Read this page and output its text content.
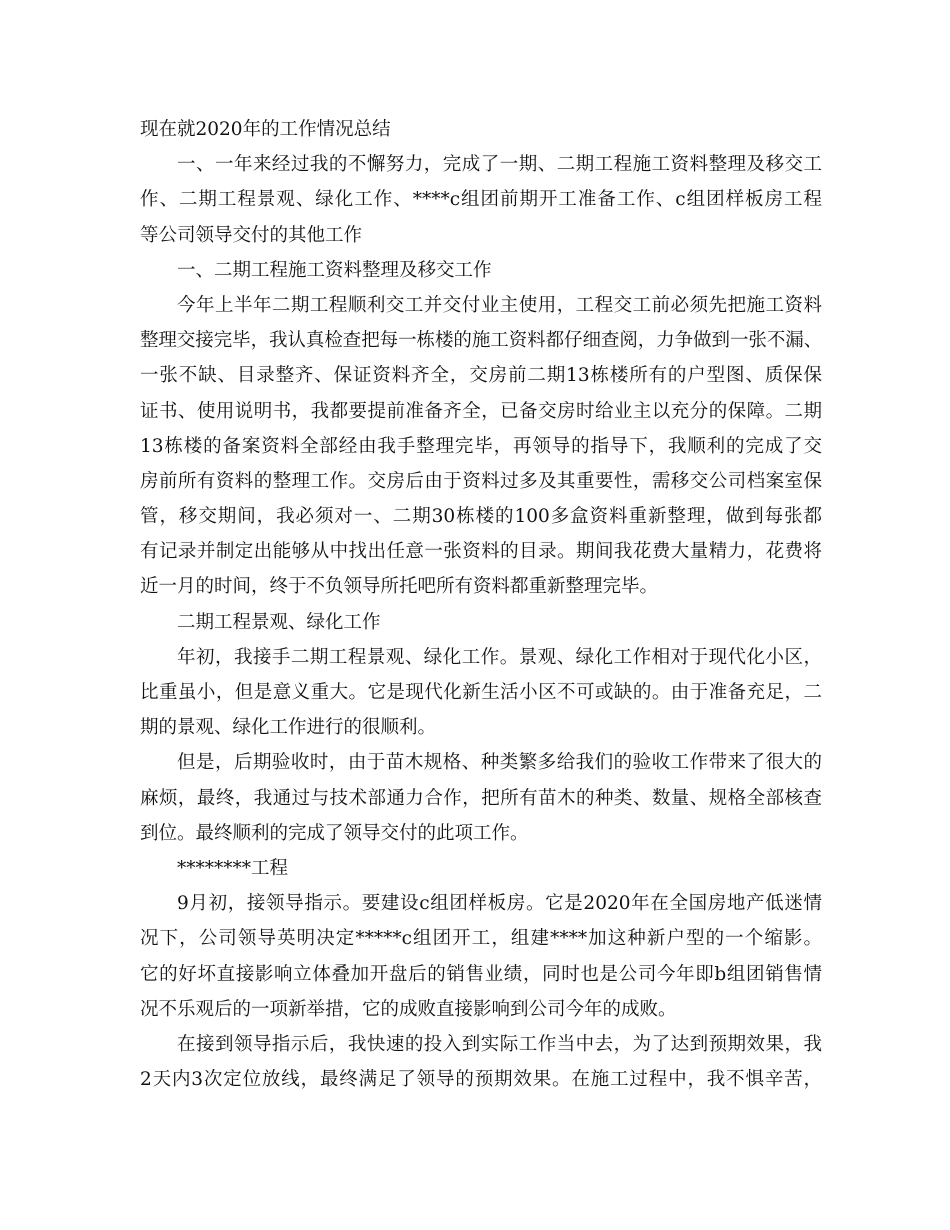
现在就2020年的工作情况总结
一、一年来经过我的不懈努力，完成了一期、二期工程施工资料整理及移交工
作、二期工程景观、绿化工作、****c组团前期开工准备工作、c组团样板房工程
等公司领导交付的其他工作
一、二期工程施工资料整理及移交工作
今年上半年二期工程顺利交工并交付业主使用，工程交工前必须先把施工资料
整理交接完毕，我认真检查把每一栋楼的施工资料都仔细查阅，力争做到一张不漏、
一张不缺、目录整齐、保证资料齐全，交房前二期13栋楼所有的户型图、质保保
证书、使用说明书，我都要提前准备齐全，已备交房时给业主以充分的保障。二期
13栋楼的备案资料全部经由我手整理完毕，再领导的指导下，我顺利的完成了交
房前所有资料的整理工作。交房后由于资料过多及其重要性，需移交公司档案室保
管，移交期间，我必须对一、二期30栋楼的100多盒资料重新整理，做到每张都
有记录并制定出能够从中找出任意一张资料的目录。期间我花费大量精力，花费将
近一月的时间，终于不负领导所托吧所有资料都重新整理完毕。
二期工程景观、绿化工作
年初，我接手二期工程景观、绿化工作。景观、绿化工作相对于现代化小区，
比重虽小，但是意义重大。它是现代化新生活小区不可或缺的。由于准备充足，二
期的景观、绿化工作进行的很顺利。
但是，后期验收时，由于苗木规格、种类繁多给我们的验收工作带来了很大的
麻烦，最终，我通过与技术部通力合作，把所有苗木的种类、数量、规格全部核查
到位。最终顺利的完成了领导交付的此项工作。
********工程
9月初，接领导指示。要建设c组团样板房。它是2020年在全国房地产低迷情
况下，公司领导英明决定*****c组团开工，组建****加这种新户型的一个缩影。
它的好坏直接影响立体叠加开盘后的销售业绩，同时也是公司今年即b组团销售情
况不乐观后的一项新举措，它的成败直接影响到公司今年的成败。
在接到领导指示后，我快速的投入到实际工作当中去，为了达到预期效果，我
2天内3次定位放线，最终满足了领导的预期效果。在施工过程中，我不惧辛苦，
